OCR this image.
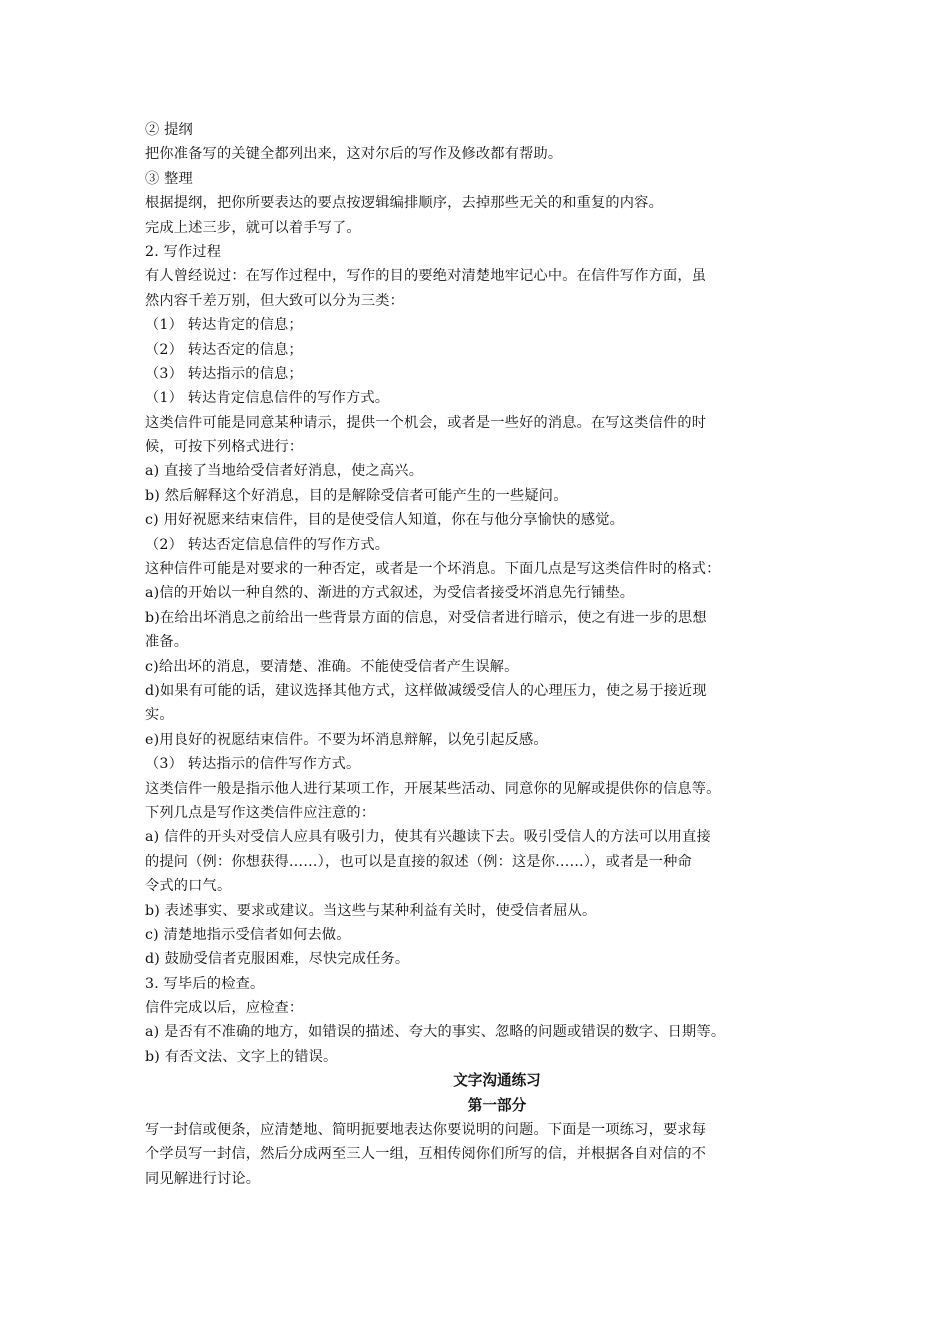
② 提纲
把你准备写的关键全都列出来，这对尔后的写作及修改都有帮助。
③ 整理
根据提纲，把你所要表达的要点按逻辑编排顺序，去掉那些无关的和重复的内容。
完成上述三步，就可以着手写了。
2. 写作过程
有人曾经说过：在写作过程中，写作的目的要绝对清楚地牢记心中。在信件写作方面，虽
然内容千差万别，但大致可以分为三类：
（1） 转达肯定的信息；
（2） 转达否定的信息；
（3） 转达指示的信息；
（1） 转达肯定信息信件的写作方式。
这类信件可能是同意某种请示，提供一个机会，或者是一些好的消息。在写这类信件的时
候，可按下列格式进行：
a) 直接了当地给受信者好消息，使之高兴。
b) 然后解释这个好消息，目的是解除受信者可能产生的一些疑问。
c) 用好祝愿来结束信件，目的是使受信人知道，你在与他分享愉快的感觉。
（2） 转达否定信息信件的写作方式。
这种信件可能是对要求的一种否定，或者是一个坏消息。下面几点是写这类信件时的格式：
a)信的开始以一种自然的、渐进的方式叙述，为受信者接受坏消息先行铺垫。
b)在给出坏消息之前给出一些背景方面的信息，对受信者进行暗示，使之有进一步的思想
准备。
c)给出坏的消息，要清楚、准确。不能使受信者产生误解。
d)如果有可能的话，建议选择其他方式，这样做减缓受信人的心理压力，使之易于接近现
实。
e)用良好的祝愿结束信件。不要为坏消息辩解，以免引起反感。
（3） 转达指示的信件写作方式。
这类信件一般是指示他人进行某项工作，开展某些活动、同意你的见解或提供你的信息等。
下列几点是写作这类信件应注意的：
a) 信件的开头对受信人应具有吸引力，使其有兴趣读下去。吸引受信人的方法可以用直接
的提问（例：你想获得……），也可以是直接的叙述（例：这是你……），或者是一种命
令式的口气。
b) 表述事实、要求或建议。当这些与某种利益有关时，使受信者屈从。
c) 清楚地指示受信者如何去做。
d) 鼓励受信者克服困难，尽快完成任务。
3. 写毕后的检查。
信件完成以后，应检查：
a) 是否有不准确的地方，如错误的描述、夸大的事实、忽略的问题或错误的数字、日期等。
b) 有否文法、文字上的错误。
文字沟通练习
第一部分
写一封信或便条，应清楚地、简明扼要地表达你要说明的问题。下面是一项练习，要求每
个学员写一封信，然后分成两至三人一组，互相传阅你们所写的信，并根据各自对信的不
同见解进行讨论。
